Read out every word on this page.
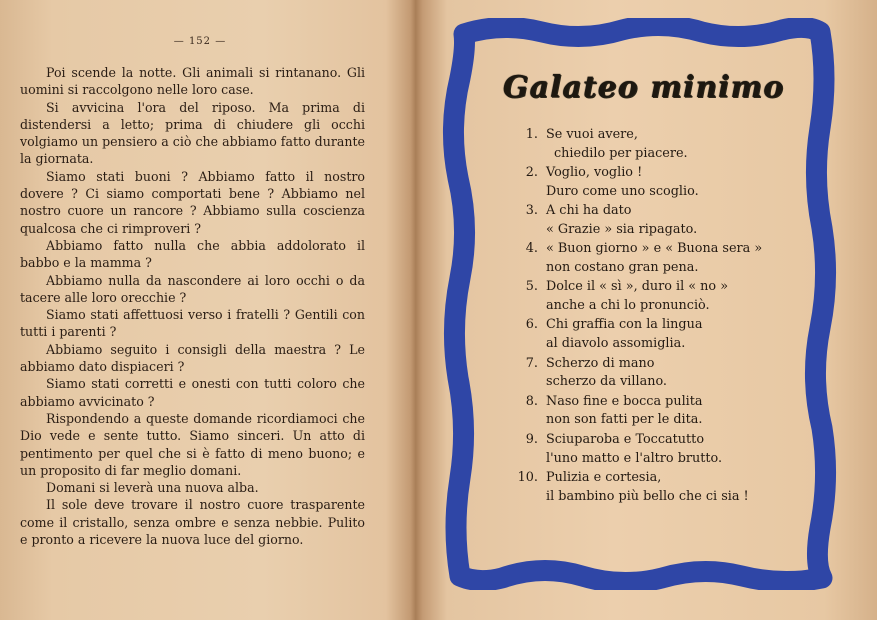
— 152 —

Poi scende la notte. Gli animali si rintanano. Gli uomini si raccolgono nelle loro case.

Si avvicina l'ora del riposo. Ma prima di distendersi a letto; prima di chiudere gli occhi volgiamo un pensiero a ciò che abbiamo fatto durante la giornata.

Siamo stati buoni ? Abbiamo fatto il nostro dovere ? Ci siamo comportati bene ? Abbiamo nel nostro cuore un rancore ? Abbiamo sulla coscienza qualcosa che ci rimproveri ?

Abbiamo fatto nulla che abbia addolorato il babbo e la mamma ?

Abbiamo nulla da nascondere ai loro occhi o da tacere alle loro orecchie ?

Siamo stati affettuosi verso i fratelli ? Gentili con tutti i parenti ?

Abbiamo seguito i consigli della maestra ? Le abbiamo dato dispiaceri ?

Siamo stati corretti e onesti con tutti coloro che abbiamo avvicinato ?

Rispondendo a queste domande ricordiamoci che Dio vede e sente tutto. Siamo sinceri. Un atto di pentimento per quel che si è fatto di meno buono; e un proposito di far meglio domani.

Domani si leverà una nuova alba.

Il sole deve trovare il nostro cuore trasparente come il cristallo, senza ombre e senza nebbie. Pulito e pronto a ricevere la nuova luce del giorno.

Galateo minimo
1. Se vuoi avere,
chiedilo per piacere.
2. Voglio, voglio !
Duro come uno scoglio.
3. A chi ha dato
« Grazie » sia ripagato.
4. « Buon giorno » e « Buona sera »
non costano gran pena.
5. Dolce il « sì », duro il « no »
anche a chi lo pronunciò.
6. Chi graffia con la lingua
al diavolo assomiglia.
7. Scherzo di mano
scherzo da villano.
8. Naso fine e bocca pulita
non son fatti per le dita.
9. Sciuparoba e Toccatutto
l'uno matto e l'altro brutto.
10. Pulizia e cortesia,
il bambino più bello che ci sia !
